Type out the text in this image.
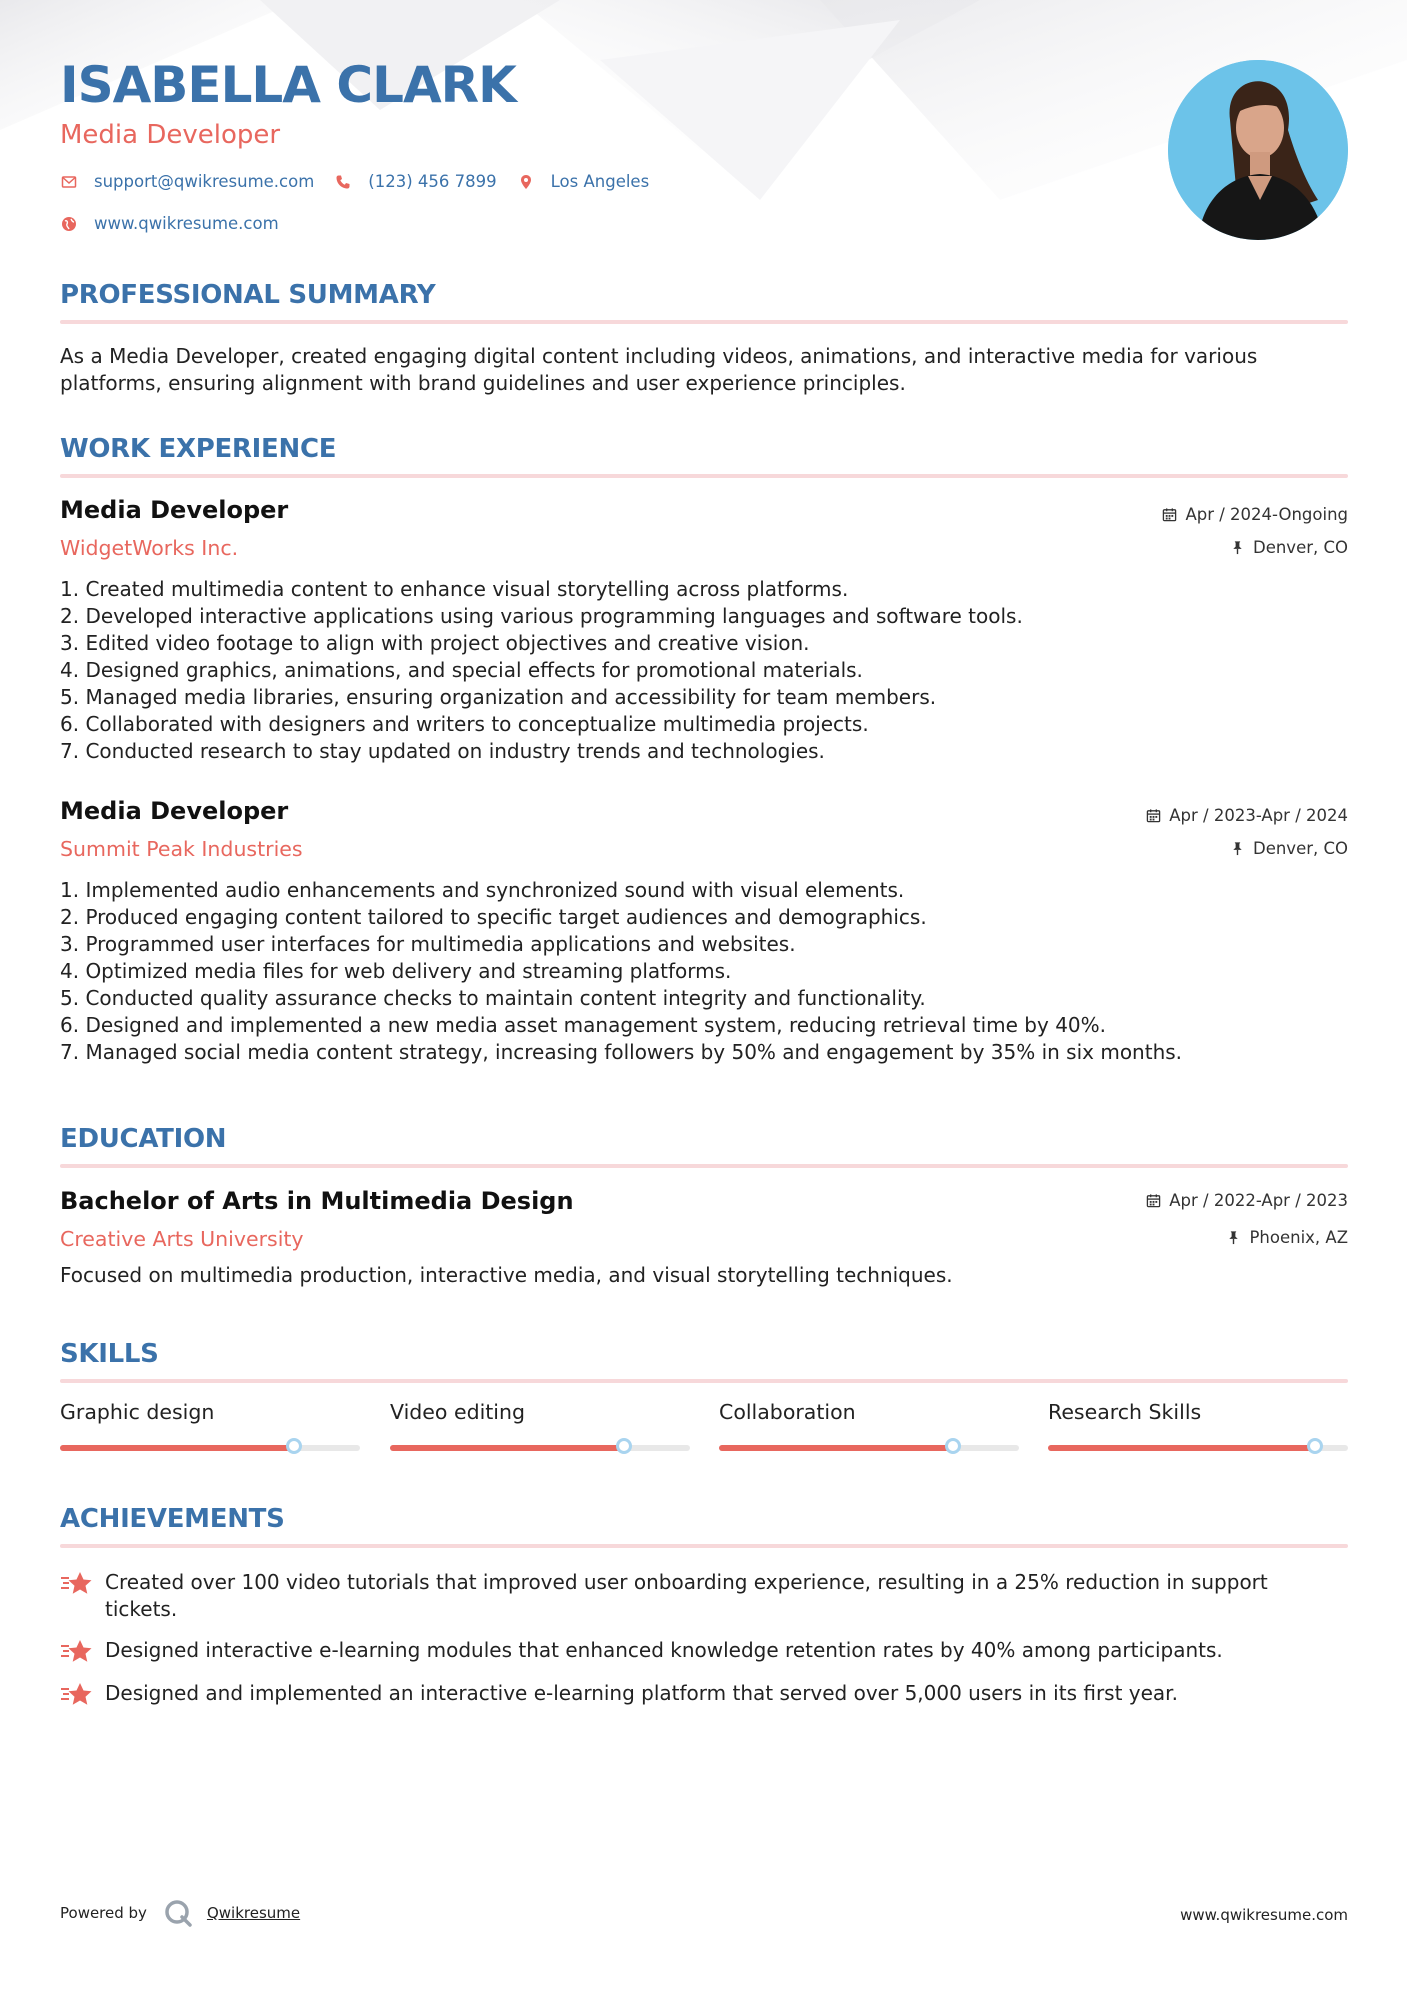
ISABELLA CLARK
Media Developer
support@qwikresume.com	(123) 456 7899	Los Angeles
www.qwikresume.com
PROFESSIONAL SUMMARY

As a Media Developer, created engaging digital content including videos, animations, and interactive media for various platforms, ensuring alignment with brand guidelines and user experience principles.

WORK EXPERIENCE
Media Developer
WidgetWorks Inc.
Apr / 2024-Ongoing
Denver, CO
1. Created multimedia content to enhance visual storytelling across platforms.
2. Developed interactive applications using various programming languages and software tools.
3. Edited video footage to align with project objectives and creative vision.
4. Designed graphics, animations, and special effects for promotional materials.
5. Managed media libraries, ensuring organization and accessibility for team members.
6. Collaborated with designers and writers to conceptualize multimedia projects.
7. Conducted research to stay updated on industry trends and technologies.
Media Developer
Summit Peak Industries
Apr / 2023-Apr / 2024
Denver, CO
1. Implemented audio enhancements and synchronized sound with visual elements.
2. Produced engaging content tailored to specific target audiences and demographics.
3. Programmed user interfaces for multimedia applications and websites.
4. Optimized media files for web delivery and streaming platforms.
5. Conducted quality assurance checks to maintain content integrity and functionality.
6. Designed and implemented a new media asset management system, reducing retrieval time by 40%.
7. Managed social media content strategy, increasing followers by 50% and engagement by 35% in six months.
EDUCATION
Bachelor of Arts in Multimedia Design
Creative Arts University
Apr / 2022-Apr / 2023
Phoenix, AZ

Focused on multimedia production, interactive media, and visual storytelling techniques.

SKILLS
Graphic design	Video editing	Collaboration	Research Skills
ACHIEVEMENTS
Created over 100 video tutorials that improved user onboarding experience, resulting in a 25% reduction in support tickets.
Designed interactive e-learning modules that enhanced knowledge retention rates by 40% among participants.
Designed and implemented an interactive e-learning platform that served over 5,000 users in its first year.
Powered by	Qwikresume	www.qwikresume.com
